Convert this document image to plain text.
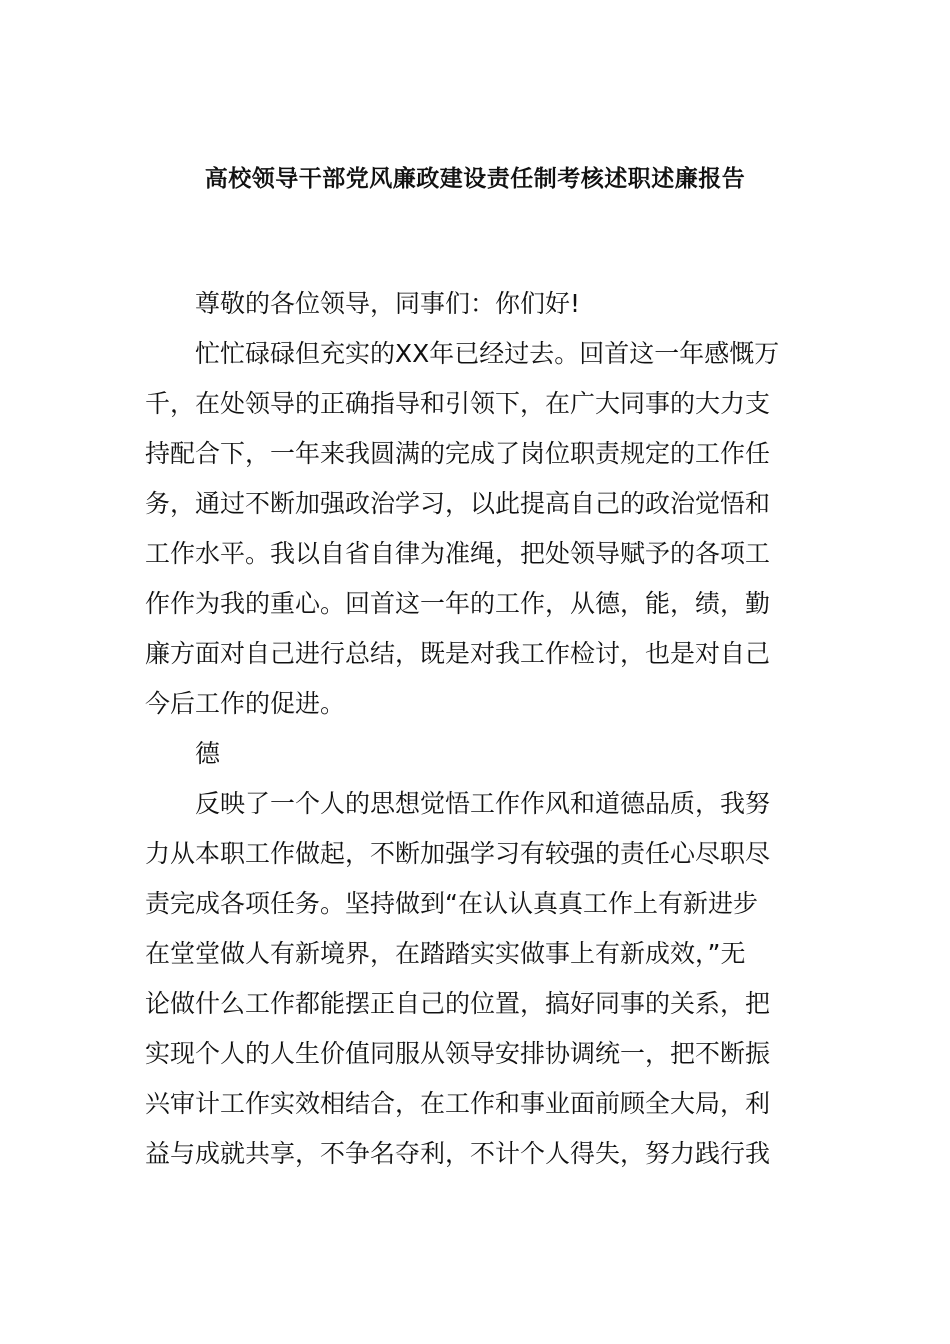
高校领导干部党风廉政建设责任制考核述职述廉报告
尊敬的各位领导，同事们：你们好!
忙忙碌碌但充实的XX年已经过去。回首这一年感慨万
千，在处领导的正确指导和引领下，在广大同事的大力支
持配合下，一年来我圆满的完成了岗位职责规定的工作任
务，通过不断加强政治学习，以此提高自己的政治觉悟和
工作水平。我以自省自律为准绳，把处领导赋予的各项工
作作为我的重心。回首这一年的工作，从德，能，绩，勤
廉方面对自己进行总结，既是对我工作检讨，也是对自己
今后工作的促进。
德
反映了一个人的思想觉悟工作作风和道德品质，我努
力从本职工作做起，不断加强学习有较强的责任心尽职尽
责完成各项任务。坚持做到“在认认真真工作上有新进步
在堂堂做人有新境界，在踏踏实实做事上有新成效，”无
论做什么工作都能摆正自己的位置，搞好同事的关系，把
实现个人的人生价值同服从领导安排协调统一，把不断振
兴审计工作实效相结合，在工作和事业面前顾全大局，利
益与成就共享，不争名夺利，不计个人得失，努力践行我
